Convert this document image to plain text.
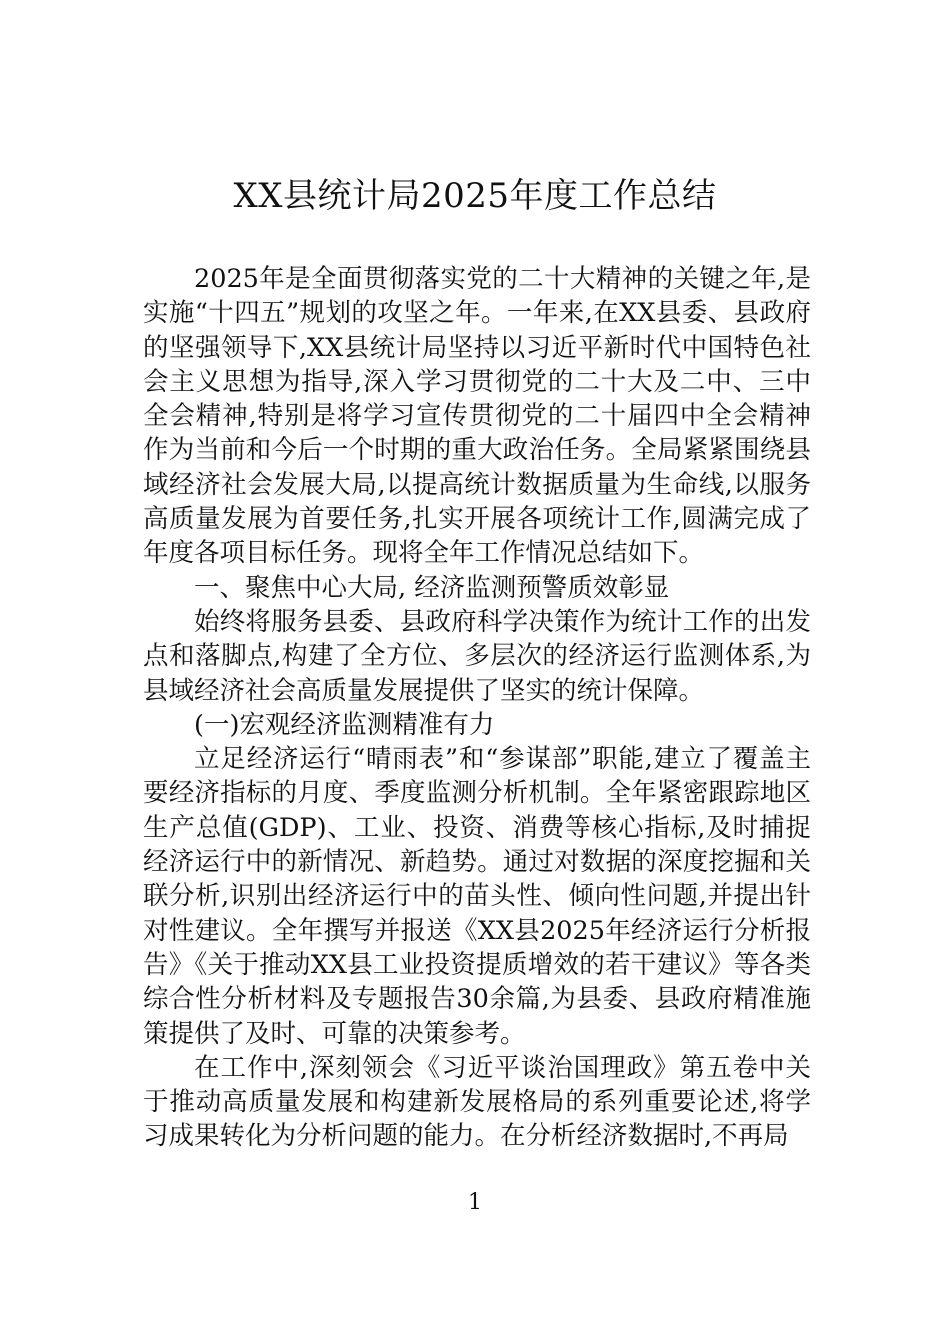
XX县统计局2025年度工作总结

2025年是全面贯彻落实党的二十大精神的关键之年,是实施“十四五”规划的攻坚之年。一年来,在XX县委、县政府的坚强领导下,XX县统计局坚持以习近平新时代中国特色社会主义思想为指导,深入学习贯彻党的二十大及二中、三中全会精神,特别是将学习宣传贯彻党的二十届四中全会精神作为当前和今后一个时期的重大政治任务。全局紧紧围绕县域经济社会发展大局,以提高统计数据质量为生命线,以服务高质量发展为首要任务,扎实开展各项统计工作,圆满完成了年度各项目标任务。现将全年工作情况总结如下。

一、聚焦中心大局, 经济监测预警质效彰显

始终将服务县委、县政府科学决策作为统计工作的出发点和落脚点,构建了全方位、多层次的经济运行监测体系,为县域经济社会高质量发展提供了坚实的统计保障。

(一)宏观经济监测精准有力

立足经济运行“晴雨表”和“参谋部”职能,建立了覆盖主要经济指标的月度、季度监测分析机制。全年紧密跟踪地区生产总值(GDP)、工业、投资、消费等核心指标,及时捕捉经济运行中的新情况、新趋势。通过对数据的深度挖掘和关联分析,识别出经济运行中的苗头性、倾向性问题,并提出针对性建议。全年撰写并报送《XX县2025年经济运行分析报告》《关于推动XX县工业投资提质增效的若干建议》等各类综合性分析材料及专题报告30余篇,为县委、县政府精准施策提供了及时、可靠的决策参考。

在工作中,深刻领会《习近平谈治国理政》第五卷中关于推动高质量发展和构建新发展格局的系列重要论述,将学习成果转化为分析问题的能力。在分析经济数据时,不再局

1
